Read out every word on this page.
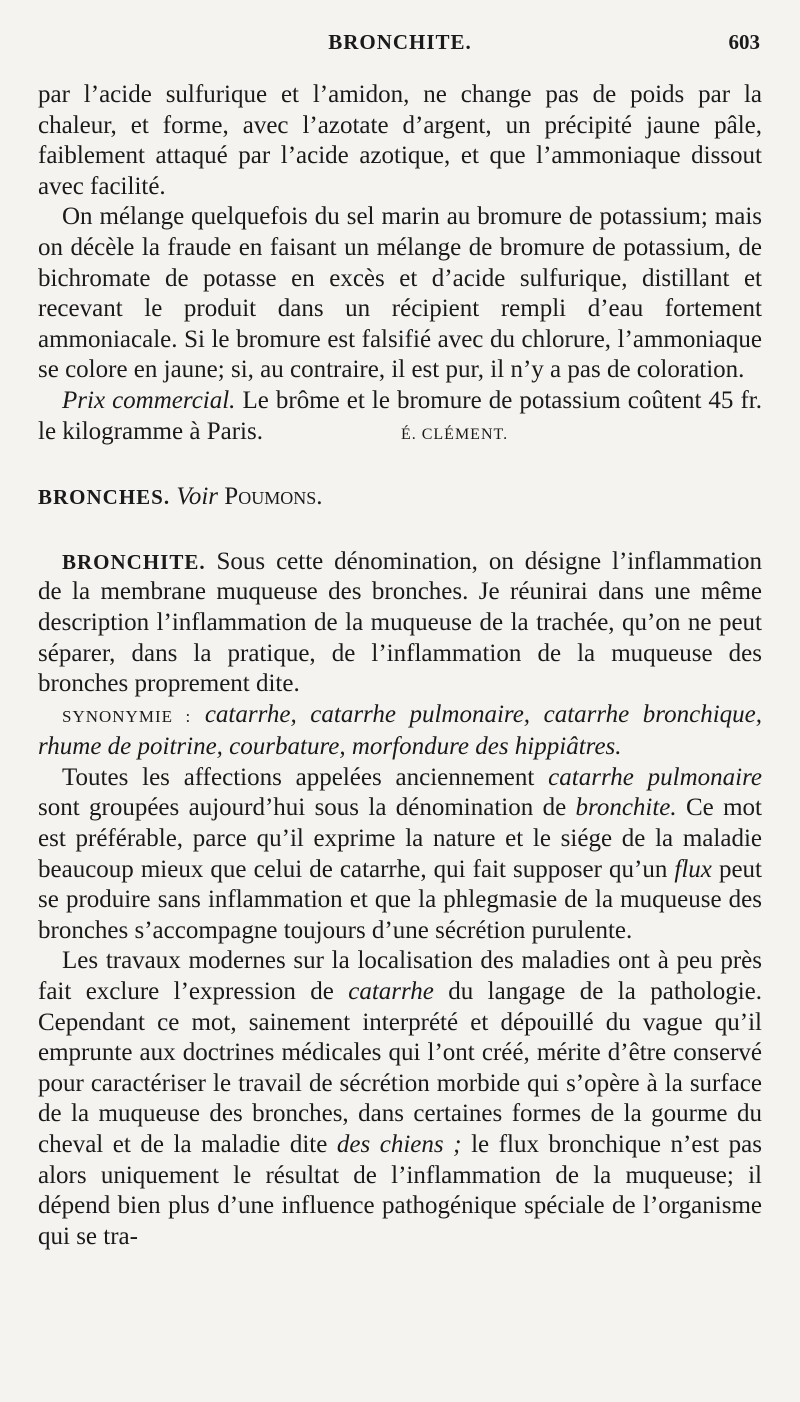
BRONCHITE.	603

par l’acide sulfurique et l’amidon, ne change pas de poids par la chaleur, et forme, avec l’azotate d’argent, un précipité jaune pâle, faiblement attaqué par l’acide azotique, et que l’ammoniaque dissout avec facilité.

On mélange quelquefois du sel marin au bromure de potassium; mais on décèle la fraude en faisant un mélange de bromure de potassium, de bichromate de potasse en excès et d’acide sulfurique, distillant et recevant le produit dans un récipient rempli d’eau fortement ammoniacale. Si le bromure est falsifié avec du chlorure, l’ammoniaque se colore en jaune; si, au contraire, il est pur, il n’y a pas de coloration.

Prix commercial. Le brôme et le bromure de potassium coûtent 45 fr. le kilogramme à Paris.	É. CLÉMENT.

BRONCHES. Voir Poumons.

BRONCHITE. Sous cette dénomination, on désigne l’inflammation de la membrane muqueuse des bronches. Je réunirai dans une même description l’inflammation de la muqueuse de la trachée, qu’on ne peut séparer, dans la pratique, de l’inflammation de la muqueuse des bronches proprement dite.

SYNONYMIE : catarrhe, catarrhe pulmonaire, catarrhe bronchique, rhume de poitrine, courbature, morfondure des hippiâtres.

Toutes les affections appelées anciennement catarrhe pulmonaire sont groupées aujourd’hui sous la dénomination de bronchite. Ce mot est préférable, parce qu’il exprime la nature et le siége de la maladie beaucoup mieux que celui de catarrhe, qui fait supposer qu’un flux peut se produire sans inflammation et que la phlegmasie de la muqueuse des bronches s’accompagne toujours d’une sécrétion purulente.

Les travaux modernes sur la localisation des maladies ont à peu près fait exclure l’expression de catarrhe du langage de la pathologie. Cependant ce mot, sainement interprété et dépouillé du vague qu’il emprunte aux doctrines médicales qui l’ont créé, mérite d’être conservé pour caractériser le travail de sécrétion morbide qui s’opère à la surface de la muqueuse des bronches, dans certaines formes de la gourme du cheval et de la maladie dite des chiens ; le flux bronchique n’est pas alors uniquement le résultat de l’inflammation de la muqueuse; il dépend bien plus d’une influence pathogénique spéciale de l’organisme qui se tra-
